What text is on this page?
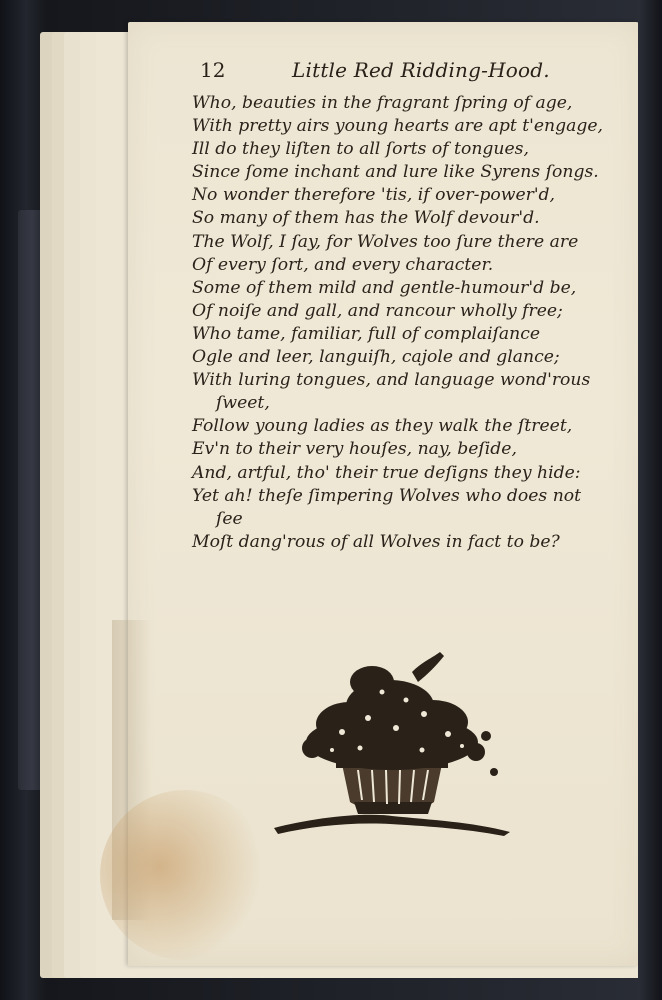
12	Little Red Ridding-Hood.
Who, beauties in the fragrant ſpring of age,
With pretty airs young hearts are apt t'engage,
Ill do they liſten to all ſorts of tongues,
Since ſome inchant and lure like Syrens ſongs.
No wonder therefore 'tis, if over-power'd,
So many of them has the Wolf devour'd.
The Wolf, I ſay, for Wolves too ſure there are
Of every ſort, and every character.
Some of them mild and gentle-humour'd be,
Of noiſe and gall, and rancour wholly free;
Who tame, familiar, full of complaiſance
Ogle and leer, languiſh, cajole and glance;
With luring tongues, and language wond'rous
ſweet,
Follow young ladies as they walk the ſtreet,
Ev'n to their very houſes, nay, beſide,
And, artful, tho' their true deſigns they hide:
Yet ah! theſe ſimpering Wolves who does not
ſee
Moſt dang'rous of all Wolves in fact to be?
